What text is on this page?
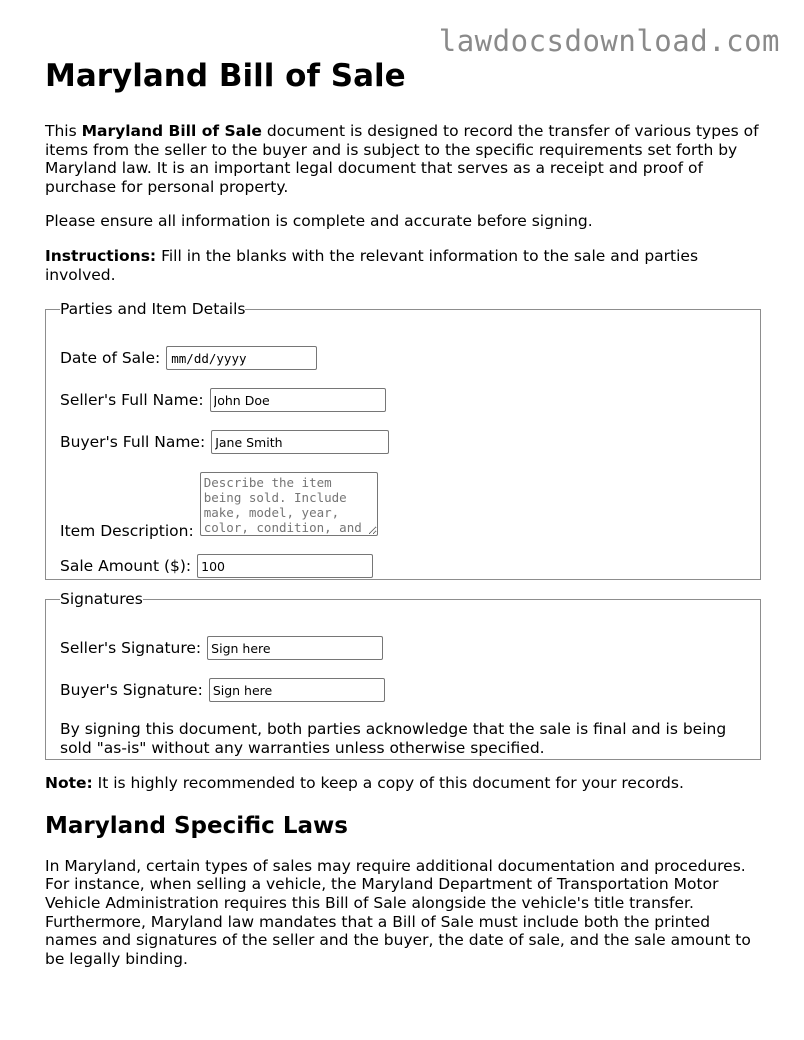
lawdocsdownload.com
Maryland Bill of Sale

This Maryland Bill of Sale document is designed to record the transfer of various types of items from the seller to the buyer and is subject to the specific requirements set forth by Maryland law. It is an important legal document that serves as a receipt and proof of purchase for personal property.

Please ensure all information is complete and accurate before signing.

Instructions: Fill in the blanks with the relevant information to the sale and parties involved.

Parties and Item Details
Date of Sale: mm/dd/yyyy
Seller's Full Name:
John Doe
Buyer's Full Name:
Jane Smith
Item Description:
Describe the item being sold. Include make, model, year, color, condition, and
Sale Amount ($):
100
Signatures
Seller's Signature:
Sign here
Buyer's Signature:
Sign here

By signing this document, both parties acknowledge that the sale is final and is being sold "as-is" without any warranties unless otherwise specified.

Note: It is highly recommended to keep a copy of this document for your records.

Maryland Specific Laws

In Maryland, certain types of sales may require additional documentation and procedures. For instance, when selling a vehicle, the Maryland Department of Transportation Motor Vehicle Administration requires this Bill of Sale alongside the vehicle's title transfer. Furthermore, Maryland law mandates that a Bill of Sale must include both the printed names and signatures of the seller and the buyer, the date of sale, and the sale amount to be legally binding.
